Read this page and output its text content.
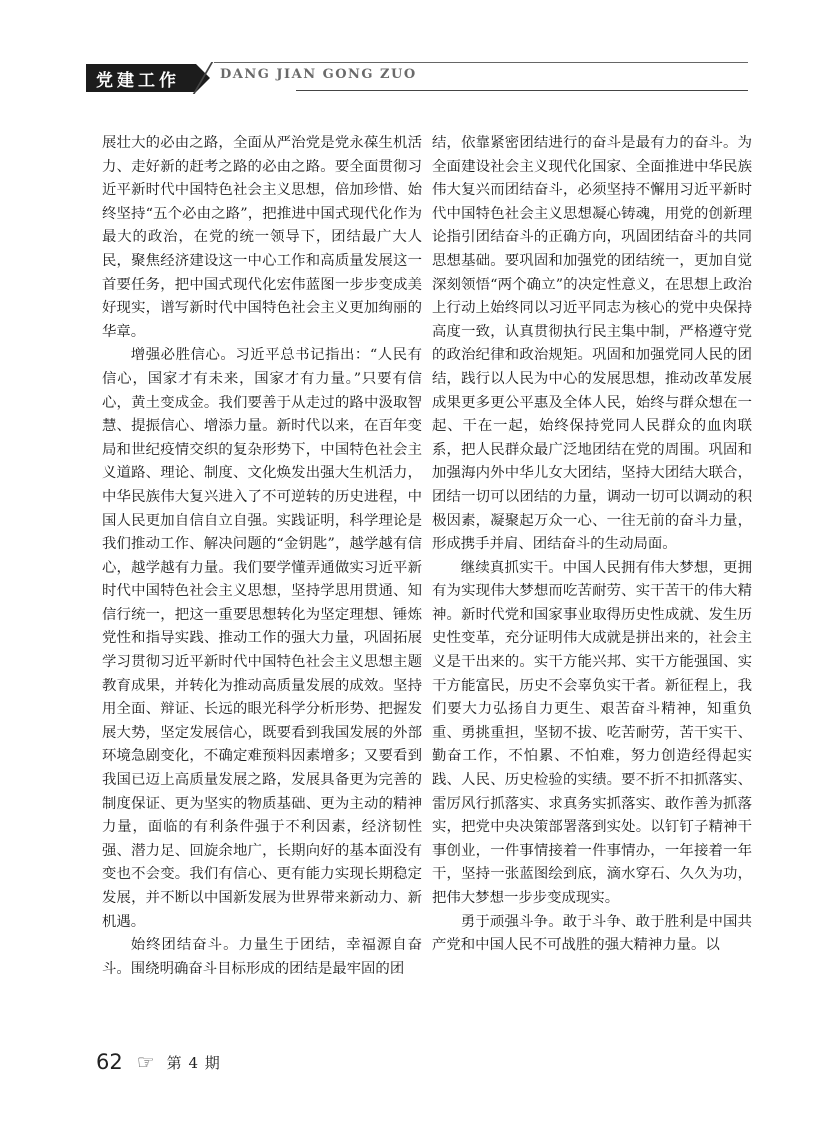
党建工作	DANG JIAN GONG ZUO

展壮大的必由之路，全面从严治党是党永葆生机活力、走好新的赶考之路的必由之路。要全面贯彻习近平新时代中国特色社会主义思想，倍加珍惜、始终坚持“五个必由之路”，把推进中国式现代化作为最大的政治，在党的统一领导下，团结最广大人民，聚焦经济建设这一中心工作和高质量发展这一首要任务，把中国式现代化宏伟蓝图一步步变成美好现实，谱写新时代中国特色社会主义更加绚丽的华章。

增强必胜信心。习近平总书记指出：“人民有信心，国家才有未来，国家才有力量。”只要有信心，黄土变成金。我们要善于从走过的路中汲取智慧、提振信心、增添力量。新时代以来，在百年变局和世纪疫情交织的复杂形势下，中国特色社会主义道路、理论、制度、文化焕发出强大生机活力，中华民族伟大复兴进入了不可逆转的历史进程，中国人民更加自信自立自强。实践证明，科学理论是我们推动工作、解决问题的“金钥匙”，越学越有信心，越学越有力量。我们要学懂弄通做实习近平新时代中国特色社会主义思想，坚持学思用贯通、知信行统一，把这一重要思想转化为坚定理想、锤炼党性和指导实践、推动工作的强大力量，巩固拓展学习贯彻习近平新时代中国特色社会主义思想主题教育成果，并转化为推动高质量发展的成效。坚持用全面、辩证、长远的眼光科学分析形势、把握发展大势，坚定发展信心，既要看到我国发展的外部环境急剧变化，不确定难预料因素增多；又要看到我国已迈上高质量发展之路，发展具备更为完善的制度保证、更为坚实的物质基础、更为主动的精神力量，面临的有利条件强于不利因素，经济韧性强、潜力足、回旋余地广，长期向好的基本面没有变也不会变。我们有信心、更有能力实现长期稳定发展，并不断以中国新发展为世界带来新动力、新机遇。

始终团结奋斗。力量生于团结，幸福源自奋斗。围绕明确奋斗目标形成的团结是最牢固的团

结，依靠紧密团结进行的奋斗是最有力的奋斗。为全面建设社会主义现代化国家、全面推进中华民族伟大复兴而团结奋斗，必须坚持不懈用习近平新时代中国特色社会主义思想凝心铸魂，用党的创新理论指引团结奋斗的正确方向，巩固团结奋斗的共同思想基础。要巩固和加强党的团结统一，更加自觉深刻领悟“两个确立”的决定性意义，在思想上政治上行动上始终同以习近平同志为核心的党中央保持高度一致，认真贯彻执行民主集中制，严格遵守党的政治纪律和政治规矩。巩固和加强党同人民的团结，践行以人民为中心的发展思想，推动改革发展成果更多更公平惠及全体人民，始终与群众想在一起、干在一起，始终保持党同人民群众的血肉联系，把人民群众最广泛地团结在党的周围。巩固和加强海内外中华儿女大团结，坚持大团结大联合，团结一切可以团结的力量，调动一切可以调动的积极因素，凝聚起万众一心、一往无前的奋斗力量，形成携手并肩、团结奋斗的生动局面。

继续真抓实干。中国人民拥有伟大梦想，更拥有为实现伟大梦想而吃苦耐劳、实干苦干的伟大精神。新时代党和国家事业取得历史性成就、发生历史性变革，充分证明伟大成就是拼出来的，社会主义是干出来的。实干方能兴邦、实干方能强国、实干方能富民，历史不会辜负实干者。新征程上，我们要大力弘扬自力更生、艰苦奋斗精神，知重负重、勇挑重担，坚韧不拔、吃苦耐劳，苦干实干、勤奋工作，不怕累、不怕难，努力创造经得起实践、人民、历史检验的实绩。要不折不扣抓落实、雷厉风行抓落实、求真务实抓落实、敢作善为抓落实，把党中央决策部署落到实处。以钉钉子精神干事创业，一件事情接着一件事情办，一年接着一年干，坚持一张蓝图绘到底，滴水穿石、久久为功，把伟大梦想一步步变成现实。

勇于顽强斗争。敢于斗争、敢于胜利是中国共产党和中国人民不可战胜的强大精神力量。以

62 ☞ 第 4 期
